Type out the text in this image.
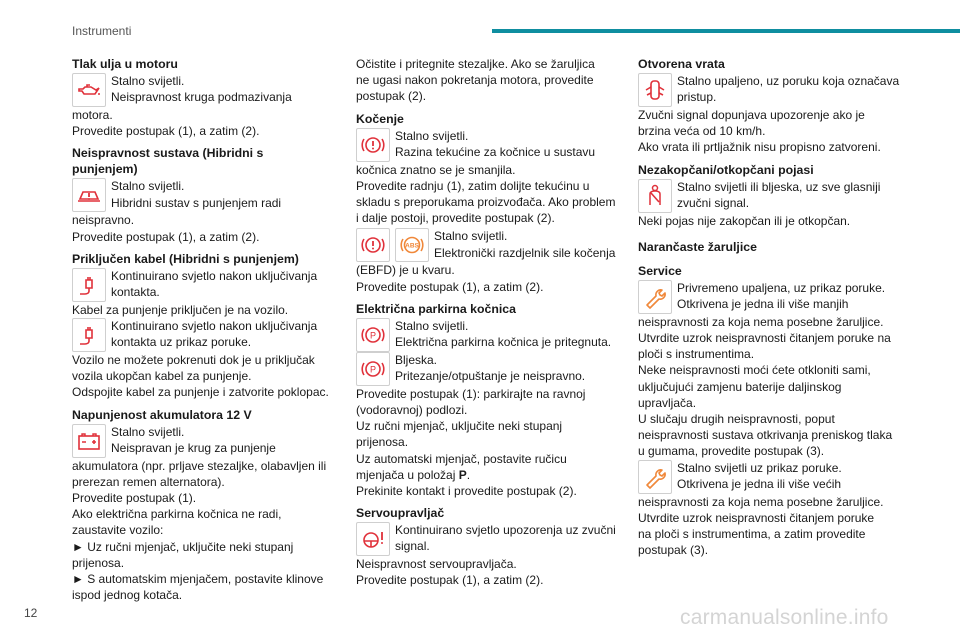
Instrumenti
Tlak ulja u motoru
Stalno svijetli.
Neispravnost kruga podmazivanja

motora.

Provedite postupak (1), a zatim (2).

Neispravnost sustava (Hibridni s
punjenjem)
Stalno svijetli.
Hibridni sustav s punjenjem radi

neispravno.

Provedite postupak (1), a zatim (2).

Priključen kabel (Hibridni s punjenjem)
Kontinuirano svjetlo nakon uključivanja
kontakta.

Kabel za punjenje priključen je na vozilo.

Kontinuirano svjetlo nakon uključivanja
kontakta uz prikaz poruke.

Vozilo ne možete pokrenuti dok je u priključak

vozila ukopčan kabel za punjenje.

Odspojite kabel za punjenje i zatvorite poklopac.

Napunjenost akumulatora 12 V
Stalno svijetli.
Neispravan je krug za punjenje

akumulatora (npr. prljave stezaljke, olabavljen ili

prerezan remen alternatora).

Provedite postupak (1).

Ako električna parkirna kočnica ne radi,

zaustavite vozilo:

► Uz ručni mjenjač, uključite neki stupanj

prijenosa.

► S automatskim mjenjačem, postavite klinove

ispod jednog kotača.

Očistite i pritegnite stezaljke. Ako se žaruljica

ne ugasi nakon pokretanja motora, provedite

postupak (2).

Kočenje
Stalno svijetli.
Razina tekućine za kočnice u sustavu

kočnica znatno se je smanjila.

Provedite radnju (1), zatim dolijte tekućinu u

skladu s preporukama proizvođača. Ako problem

i dalje postoji, provedite postupak (2).

ABS
Stalno svijetli.
Elektronički razdjelnik sile kočenja

(EBFD) je u kvaru.

Provedite postupak (1), a zatim (2).

Električna parkirna kočnica
P
Stalno svijetli.
Električna parkirna kočnica je pritegnuta.
P
Bljeska.
Pritezanje/otpuštanje je neispravno.

Provedite postupak (1): parkirajte na ravnoj

(vodoravnoj) podlozi.

Uz ručni mjenjač, uključite neki stupanj

prijenosa.

Uz automatski mjenjač, postavite ručicu

mjenjača u položaj P.

Prekinite kontakt i provedite postupak (2).

Servoupravljač
Kontinuirano svjetlo upozorenja uz zvučni
signal.

Neispravnost servoupravljača.

Provedite postupak (1), a zatim (2).

Otvorena vrata
Stalno upaljeno, uz poruku koja označava
pristup.

Zvučni signal dopunjava upozorenje ako je

brzina veća od 10 km/h.

Ako vrata ili prtljažnik nisu propisno zatvoreni.

Nezakopčani/otkopčani pojasi
Stalno svijetli ili bljeska, uz sve glasniji
zvučni signal.

Neki pojas nije zakopčan ili je otkopčan.

Narančaste žaruljice
Service
Privremeno upaljena, uz prikaz poruke.
Otkrivena je jedna ili više manjih

neispravnosti za koja nema posebne žaruljice.

Utvrdite uzrok neispravnosti čitanjem poruke na

ploči s instrumentima.

Neke neispravnosti moći ćete otkloniti sami,

uključujući zamjenu baterije daljinskog

upravljača.

U slučaju drugih neispravnosti, poput

neispravnosti sustava otkrivanja preniskog tlaka

u gumama, provedite postupak (3).

Stalno svijetli uz prikaz poruke.
Otkrivena je jedna ili više većih

neispravnosti za koja nema posebne žaruljice.

Utvrdite uzrok neispravnosti čitanjem poruke

na ploči s instrumentima, a zatim provedite

postupak (3).

12	carmanualsonline.info
